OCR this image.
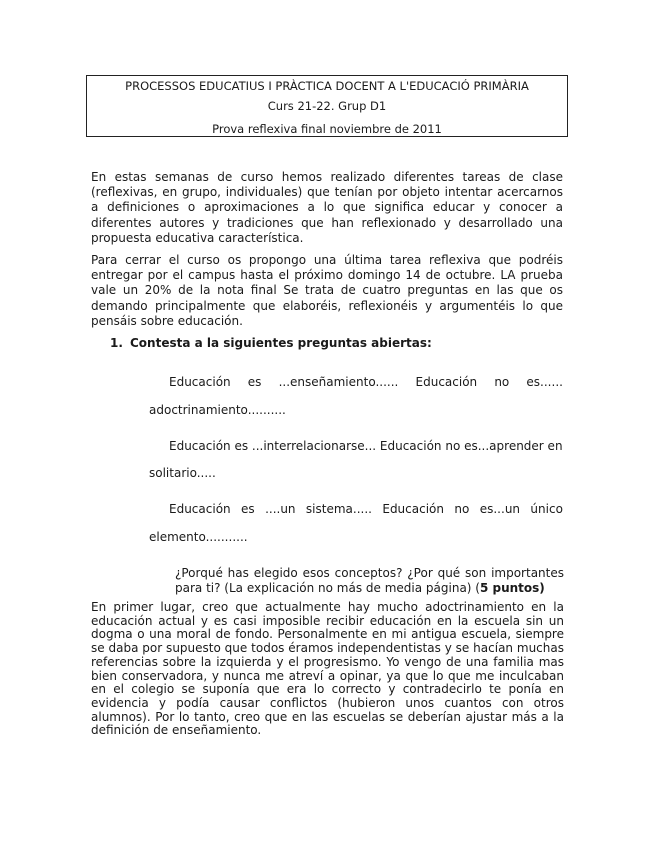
PROCESSOS EDUCATIUS I PRÀCTICA DOCENT A L'EDUCACIÓ PRIMÀRIA
Curs 21-22. Grup D1
Prova reflexiva final noviembre de 2011

En estas semanas de curso hemos realizado diferentes tareas de clase (reflexivas, en grupo, individuales) que tenían por objeto intentar acercarnos a definiciones o aproximaciones a lo que significa educar y conocer a diferentes autores y tradiciones que han reflexionado y desarrollado una propuesta educativa característica.

Para cerrar el curso os propongo una última tarea reflexiva que podréis entregar por el campus hasta el próximo domingo 14 de octubre. LA prueba vale un 20% de la nota final Se trata de cuatro preguntas en las que os demando principalmente que elaboréis, reflexionéis y argumentéis lo que pensáis sobre educación.

1. Contesta a la siguientes preguntas abiertas:
Educación es ...enseñamiento...... Educación no es......
adoctrinamiento..........
Educación es ...interrelacionarse... Educación no es...aprender en
solitario.....
Educación es ....un sistema..... Educación no es...un único
elemento...........
¿Porqué has elegido esos conceptos? ¿Por qué son importantes para ti? (La explicación no más de media página) (5 puntos)

En primer lugar, creo que actualmente hay mucho adoctrinamiento en la educación actual y es casi imposible recibir educación en la escuela sin un dogma o una moral de fondo. Personalmente en mi antigua escuela, siempre se daba por supuesto que todos éramos independentistas y se hacían muchas referencias sobre la izquierda y el progresismo. Yo vengo de una familia mas bien conservadora, y nunca me atreví a opinar, ya que lo que me inculcaban en el colegio se suponía que era lo correcto y contradecirlo te ponía en evidencia y podía causar conflictos (hubieron unos cuantos con otros alumnos). Por lo tanto, creo que en las escuelas se deberían ajustar más a la definición de enseñamiento.
